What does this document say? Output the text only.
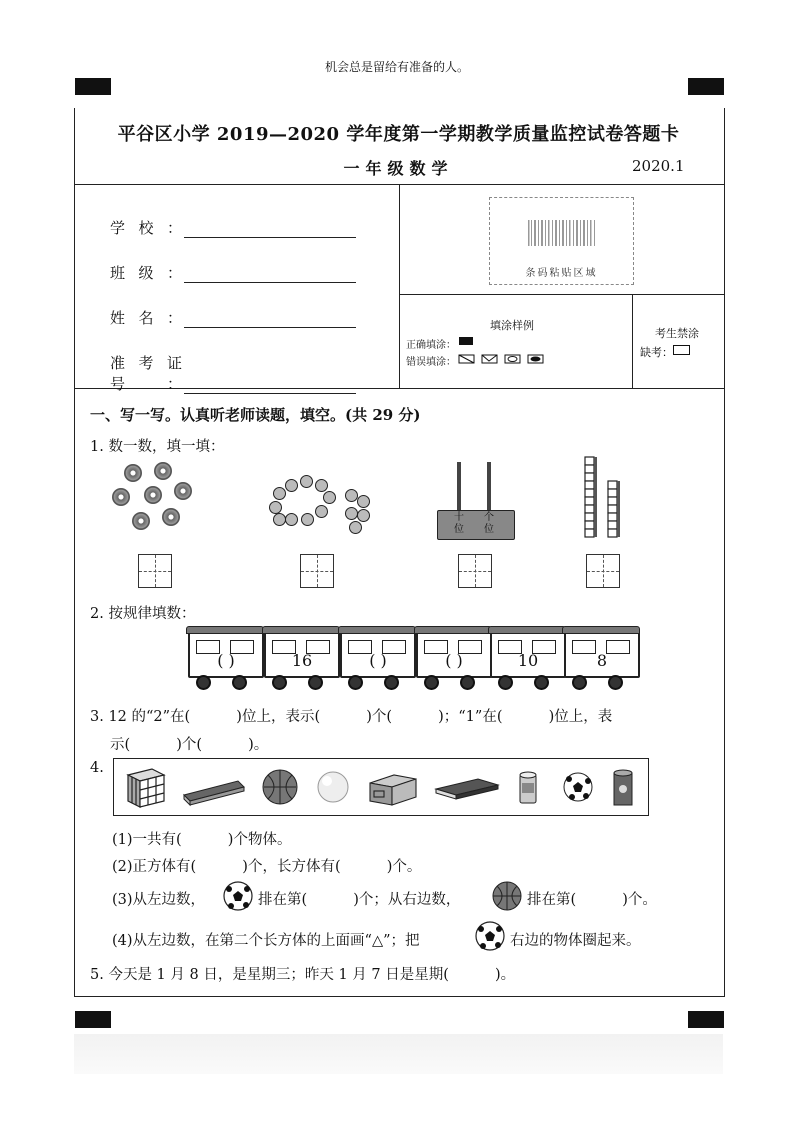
机会总是留给有准备的人。
平谷区小学 2019—2020 学年度第一学期教学质量监控试卷答题卡
一年级数学	2020.1
学校：
班级：
姓名：
准考证号：
条码粘贴区域
填涂样例
正确填涂：
错误填涂：
考生禁涂
缺考：
一、写一写。认真听老师读题，填空。(共 29 分)
1. 数一数，填一填：
十位
个位
2. 按规律填数：
( )	16	( )	( )	10	8
3. 12 的“2”在(          )位上，表示(          )个(          )；“1”在(          )位上，表
示(          )个(          )。
4.
(1)一共有(          )个物体。
(2)正方体有(          )个，长方体有(          )个。
(3)从左边数，	排在第(          )个；从右边数，	排在第(          )个。
(4)从左边数，在第二个长方体的上面画“△”；把	右边的物体圈起来。
5. 今天是 1 月 8 日，是星期三；昨天 1 月 7 日是星期(          )。
